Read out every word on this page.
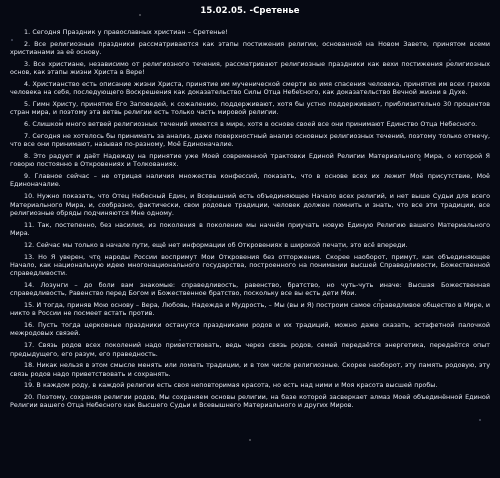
15.02.05. -Сретенье
1. Сегодня Праздник у православных христиан – Сретенье!
2. Все религиозные праздники рассматриваются как этапы постижения религии, основанной на Новом Завете, принятом всеми христианами за её основу.
3. Все христиане, независимо от религиозного течения, рассматривают религиозные праздники как вехи постижения религиозных основ, как этапы жизни Христа в Вере!
4. Христианство есть описание жизни Христа, принятие им мученической смерти во имя спасения человека, принятия им всех грехов человека на себя, последующего Воскрешения как доказательство Силы Отца Небесного, как доказательство Вечной жизни в Духе.
5. Гимн Христу, принятие Его Заповедей, к сожалению, поддерживают, хотя бы устно поддерживают, приблизительно 30 процентов стран мира, и поэтому эта ветвь религии есть только часть мировой религии.
6. Слишком много ветвей религиозных течений имеется в мире, хотя в основе своей все они принимают Единство Отца Небесного.
7. Сегодня не хотелось бы принимать за анализ, даже поверхностный анализ основных религиозных течений, поэтому только отмечу, что все они принимают, называя по-разному, Моё Единоначалие.
8. Это радует и даёт Надежду на принятие уже Моей современной трактовки Единой Религии Материального Мира, о которой Я говорю постоянно в Откровениях и Толкованиях.
9. Главное сейчас – не отрицая наличия множества конфессий, показать, что в основе всех их лежит Моё присутствие, Моё Единоначалие.
10. Нужно показать, что Отец Небесный Един, и Всевышний есть объединяющее Начало всех религий, и нет выше Судьи для всего Материального Мира, и, сообразно, фактически, свои родовые традиции, человек должен помнить и знать, что все эти традиции, все религиозные обряды подчиняются Мне одному.
11. Так, постепенно, без насилия, из поколения в поколение мы начнём приучать новую Единую Религию вашего Материального Мира.
12. Сейчас мы только в начале пути, ещё нет информации об Откровениях в широкой печати, это всё впереди.
13. Но Я уверен, что народы России воспримут Мои Откровения без отторжения. Скорее наоборот, примут, как объединяющее Начало, как национальную идею многонационального государства, построенного на понимании высшей Справедливости, Божественной справедливости.
14. Лозунги – до боли вам знакомые: справедливость, равенство, братство, но чуть-чуть иначе: Высшая Божественная справедливость, Равенство перед Богом и Божественное братство, поскольку все вы есть дети Мои.
15. И тогда, приняв Мою основу – Вера, Любовь, Надежда и Мудрость, – Мы (вы и Я) построим самое справедливое общество в Мире, и никто в России не посмеет встать против.
16. Пусть тогда церковные праздники останутся праздниками родов и их традиций, можно даже сказать, эстафетной палочкой межродовых связей.
17. Связь родов всех поколений надо приветствовать, ведь через связь родов, семей передаётся энергетика, передаётся опыт предыдущего, его разум, его праведность.
18. Никак нельзя в этом смысле менять или ломать традиции, и в том числе религиозные. Скорее наоборот, эту память родовую, эту связь родов надо приветствовать и сохранять.
19. В каждом роду, в каждой религии есть своя неповторимая красота, но есть над ними и Моя красота высшей пробы.
20. Поэтому, сохраняя религии родов, Мы сохраняем основы религии, на базе которой засверкает алмаз Моей объединённой Единой Религии вашего Отца Небесного как Высшего Судьи и Всевышнего Материального и других Миров.
